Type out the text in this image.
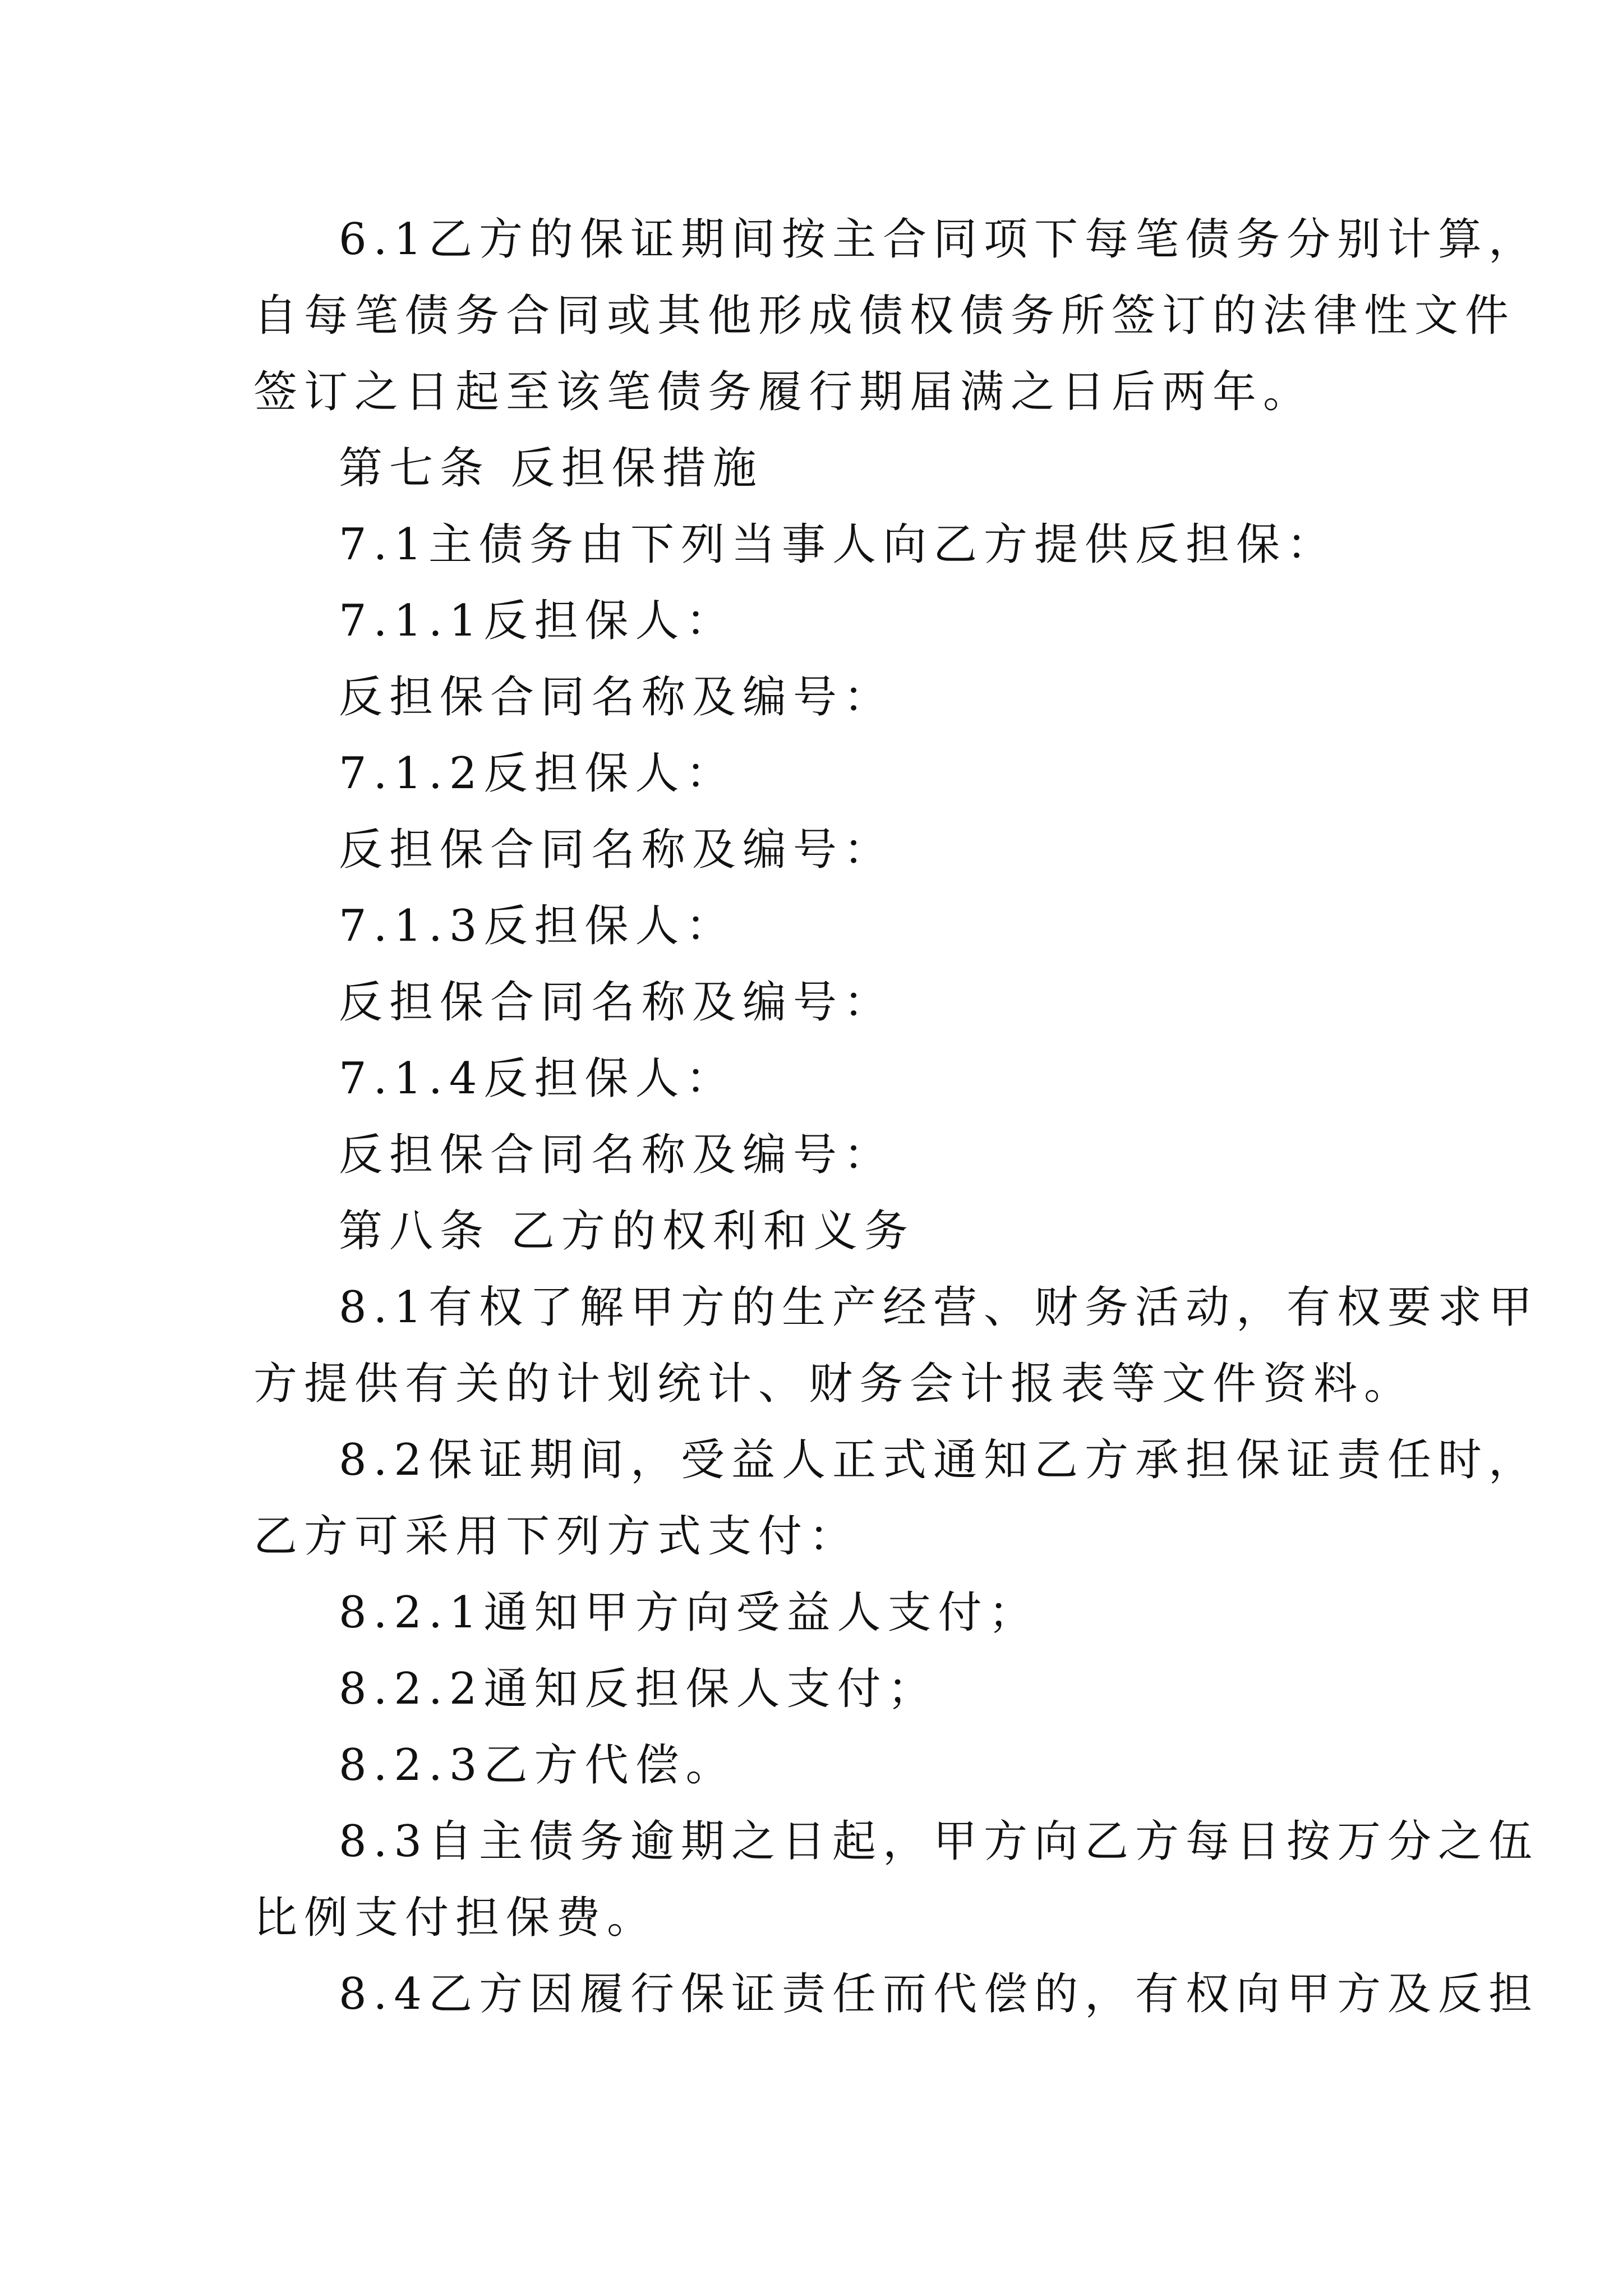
6.1乙方的保证期间按主合同项下每笔债务分别计算，
自每笔债务合同或其他形成债权债务所签订的法律性文件
签订之日起至该笔债务履行期届满之日后两年。
第七条 反担保措施
7.1主债务由下列当事人向乙方提供反担保：
7.1.1反担保人：
反担保合同名称及编号：
7.1.2反担保人：
反担保合同名称及编号：
7.1.3反担保人：
反担保合同名称及编号：
7.1.4反担保人：
反担保合同名称及编号：
第八条 乙方的权利和义务
8.1有权了解甲方的生产经营、财务活动，有权要求甲
方提供有关的计划统计、财务会计报表等文件资料。
8.2保证期间，受益人正式通知乙方承担保证责任时，
乙方可采用下列方式支付：
8.2.1通知甲方向受益人支付；
8.2.2通知反担保人支付；
8.2.3乙方代偿。
8.3自主债务逾期之日起，甲方向乙方每日按万分之伍
比例支付担保费。
8.4乙方因履行保证责任而代偿的，有权向甲方及反担
